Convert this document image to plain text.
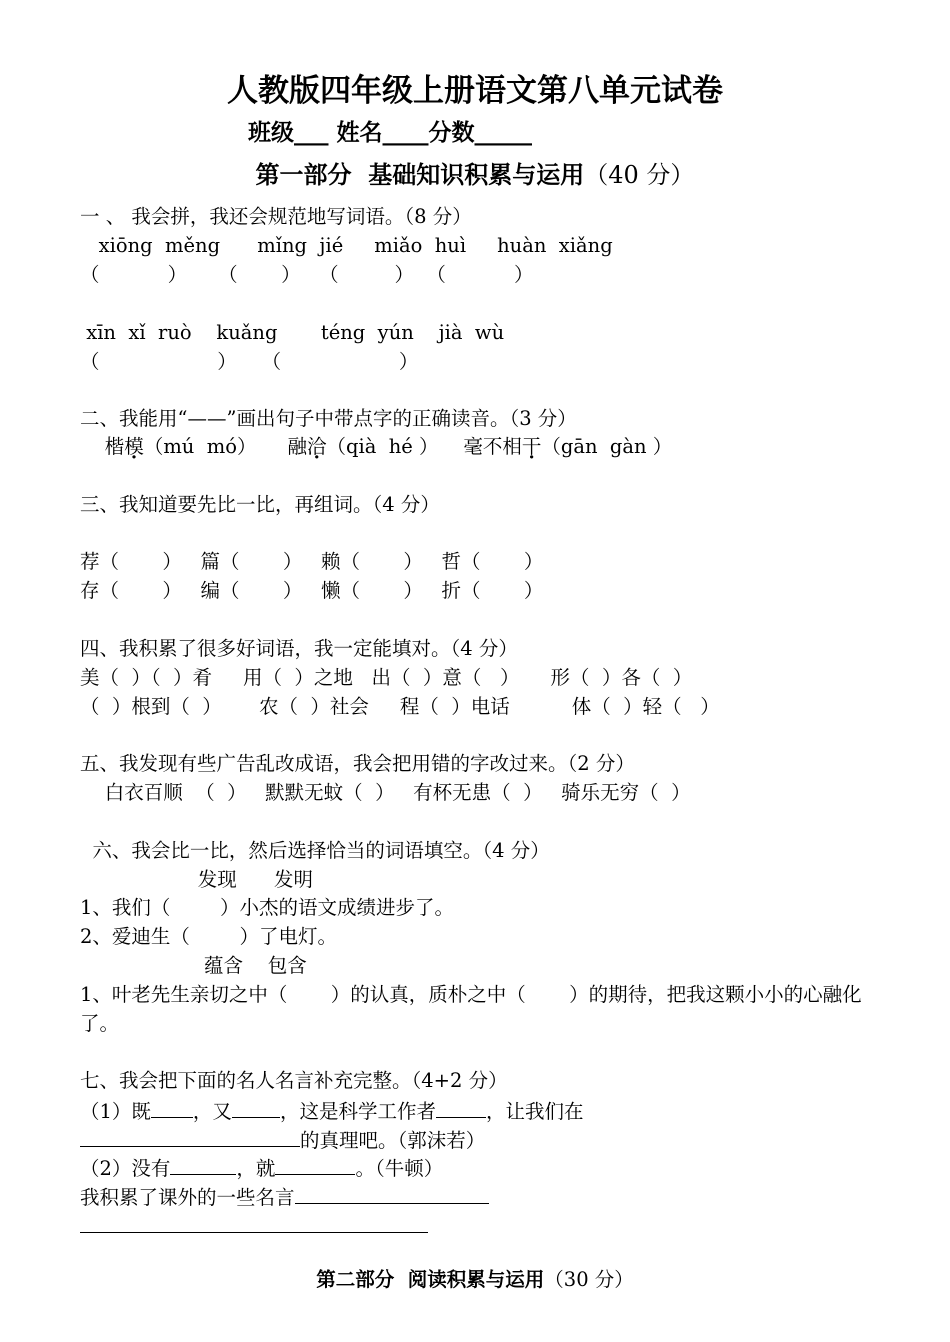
人教版四年级上册语文第八单元试卷
班级___ 姓名____分数_____
第一部分  基础知识积累与运用（40 分）
一 、 我会拼，我还会规范地写词语。（8 分）
xiōng  měng      mǐng  jié     miǎo  huì     huàn  xiǎng
（           ）     （       ）   （         ）  （           ）
xīn  xǐ  ruò    kuǎng       téng  yún    jià  wù
（                   ）    （                   ）
二、我能用“——”画出句子中带点字的正确读音。（3 分）
楷模（mú  mó）     融洽（qià  hé ）    毫不相干（gān  gàn ）
三、我知道要先比一比，再组词。（4 分）
荐（       ）   篇（       ）   赖（       ）   哲（       ）
存（       ）   编（       ）   懒（       ）   折（       ）
四、我积累了很多好词语，我一定能填对。（4 分）
美（  ）（  ）肴     用（  ）之地   出（  ）意（   ）     形（  ）各（  ）
（  ）根到（  ）      农（  ）社会     程（  ）电话          体（  ）轻（   ）
五、我发现有些广告乱改成语，我会把用错的字改过来。（2 分）
白衣百顺  （  ）   默默无蚊（  ）   有杯无患（  ）   骑乐无穷（  ）
六、我会比一比，然后选择恰当的词语填空。（4 分）
发现      发明
1、我们（        ）小杰的语文成绩进步了。
2、爱迪生（        ）了电灯。
蕴含    包含
1、叶老先生亲切之中（       ）的认真，质朴之中（       ）的期待，把我这颗小小的心融化
了。
七、我会把下面的名人名言补充完整。（4+2 分）
（1）既 ，又 ，这是科学工作者	，让我们在
的真理吧。（郭沫若）
（2）没有	，就	。（牛顿）
我积累了课外的一些名言
第二部分  阅读积累与运用（30 分）
